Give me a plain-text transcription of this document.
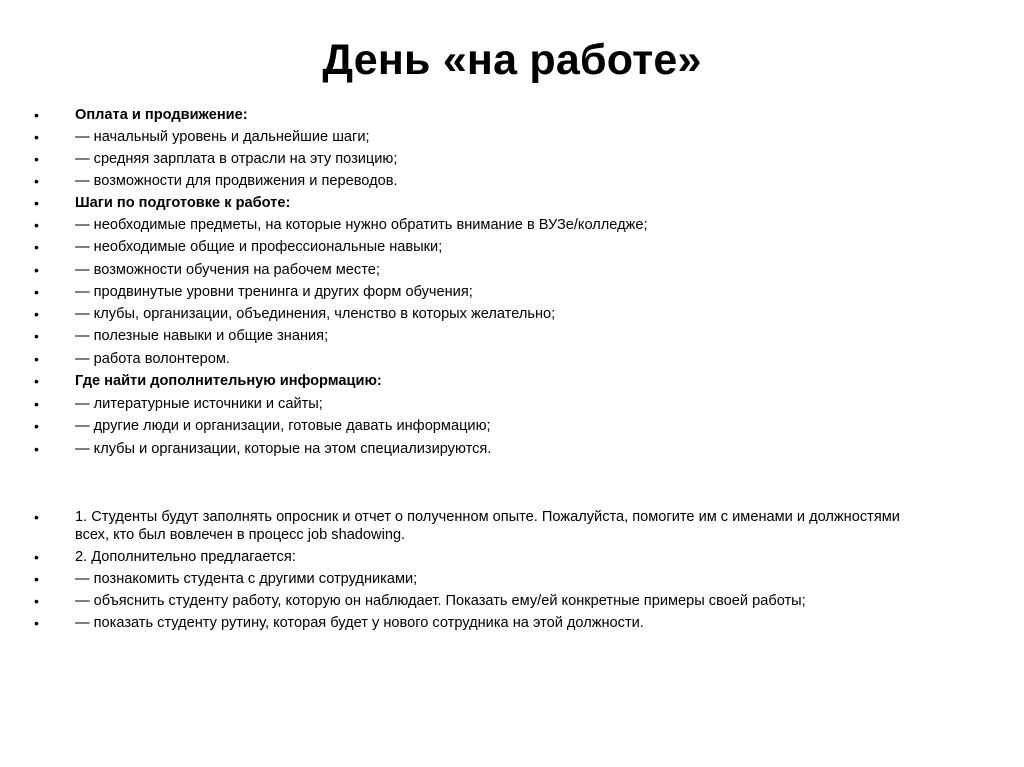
День «на работе»
•	Оплата и продвижение:
•	— начальный уровень и дальнейшие шаги;
•	— средняя зарплата в отрасли на эту позицию;
•	— возможности для продвижения и переводов.
•	Шаги по подготовке к работе:
•	— необходимые предметы, на которые нужно обратить внимание в ВУЗе/колледже;
•	— необходимые общие и профессиональные навыки;
•	— возможности обучения на рабочем месте;
•	— продвинутые уровни тренинга и других форм обучения;
•	— клубы, организации, объединения, членство в которых желательно;
•	— полезные навыки и общие знания;
•	— работа волонтером.
•	Где найти дополнительную информацию:
•	— литературные источники и сайты;
•	— другие люди и организации, готовые давать информацию;
•	— клубы и организации, которые на этом специализируются.
•	1. Студенты будут заполнять опросник и отчет о полученном опыте. Пожалуйста, помогите им с именами и должностями всех, кто был вовлечен в процесс job shadowing.
•	2. Дополнительно предлагается:
•	— познакомить студента с другими сотрудниками;
•	— объяснить студенту работу, которую он наблюдает. Показать ему/ей конкретные примеры своей работы;
•	— показать студенту рутину, которая будет у нового сотрудника на этой должности.
